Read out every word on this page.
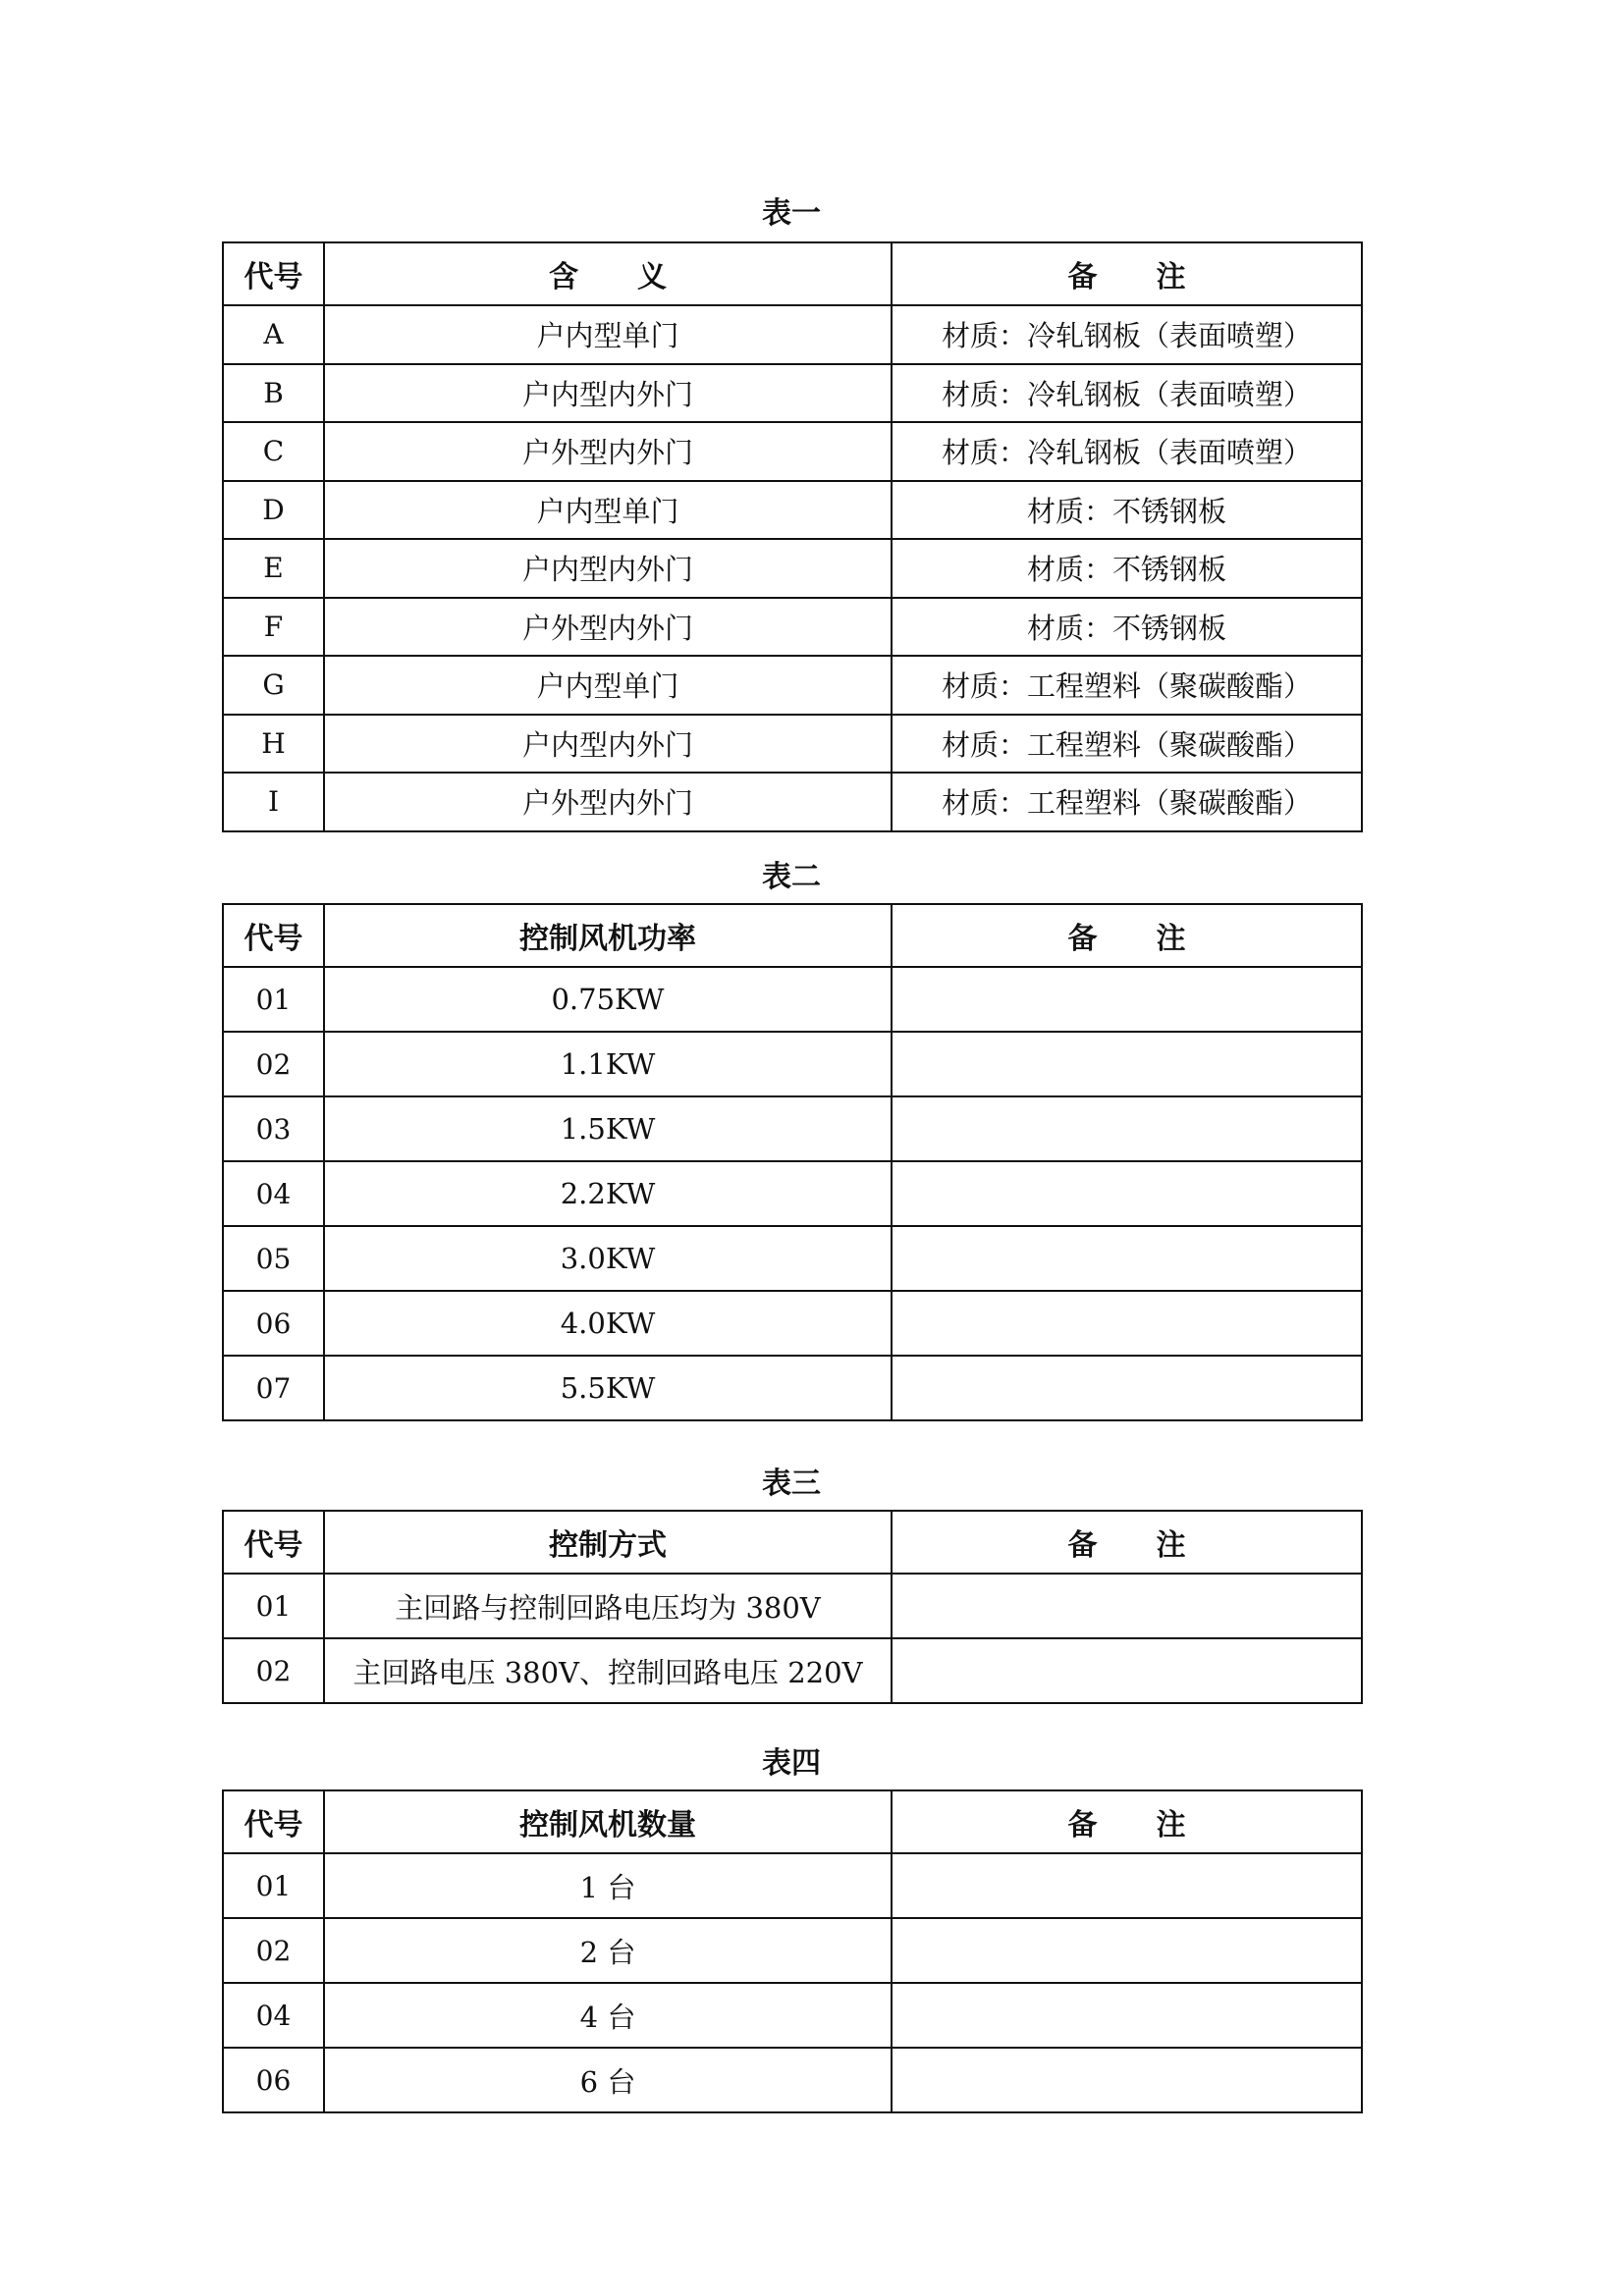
表一
代号	含义	备注
A	户内型单门	材质：冷轧钢板（表面喷塑）
B	户内型内外门	材质：冷轧钢板（表面喷塑）
C	户外型内外门	材质：冷轧钢板（表面喷塑）
D	户内型单门	材质：不锈钢板
E	户内型内外门	材质：不锈钢板
F	户外型内外门	材质：不锈钢板
G	户内型单门	材质：工程塑料（聚碳酸酯）
H	户内型内外门	材质：工程塑料（聚碳酸酯）
I	户外型内外门	材质：工程塑料（聚碳酸酯）
表二
代号	控制风机功率	备注
01	0.75KW	
02	1.1KW	
03	1.5KW	
04	2.2KW	
05	3.0KW	
06	4.0KW	
07	5.5KW	
表三
代号	控制方式	备注
01	主回路与控制回路电压均为 380V	
02	主回路电压 380V、控制回路电压 220V	
表四
代号	控制风机数量	备注
01	1 台	
02	2 台	
04	4 台	
06	6 台	
